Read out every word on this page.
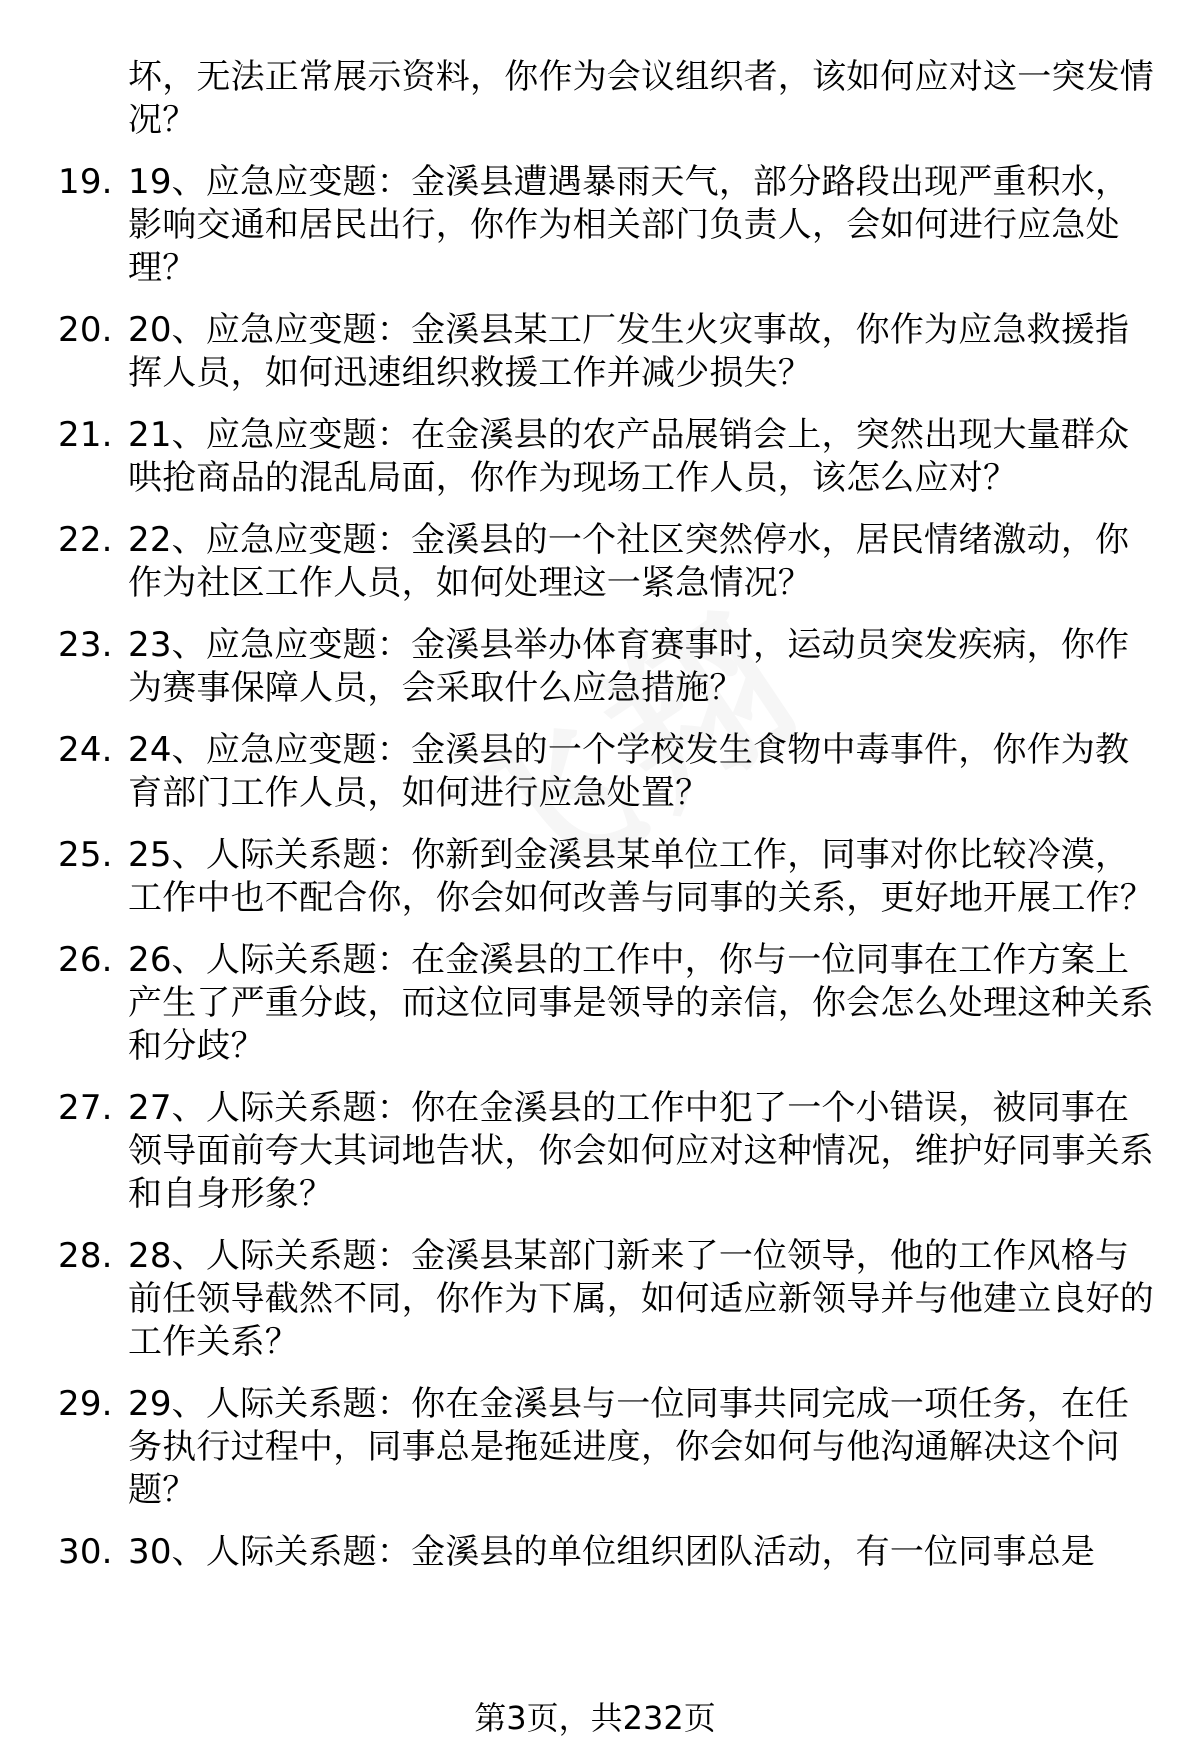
坏，无法正常展示资料，你作为会议组织者，该如何应对这一突发情况？
19. 19、应急应变题：金溪县遭遇暴雨天气，部分路段出现严重积水，影响交通和居民出行，你作为相关部门负责人，会如何进行应急处理？
20. 20、应急应变题：金溪县某工厂发生火灾事故，你作为应急救援指挥人员，如何迅速组织救援工作并减少损失？
21. 21、应急应变题：在金溪县的农产品展销会上，突然出现大量群众哄抢商品的混乱局面，你作为现场工作人员，该怎么应对？
22. 22、应急应变题：金溪县的一个社区突然停水，居民情绪激动，你作为社区工作人员，如何处理这一紧急情况？
23. 23、应急应变题：金溪县举办体育赛事时，运动员突发疾病，你作为赛事保障人员，会采取什么应急措施？
24. 24、应急应变题：金溪县的一个学校发生食物中毒事件，你作为教育部门工作人员，如何进行应急处置？
25. 25、人际关系题：你新到金溪县某单位工作，同事对你比较冷漠，工作中也不配合你，你会如何改善与同事的关系，更好地开展工作？
26. 26、人际关系题：在金溪县的工作中，你与一位同事在工作方案上产生了严重分歧，而这位同事是领导的亲信，你会怎么处理这种关系和分歧？
27. 27、人际关系题：你在金溪县的工作中犯了一个小错误，被同事在领导面前夸大其词地告状，你会如何应对这种情况，维护好同事关系和自身形象？
28. 28、人际关系题：金溪县某部门新来了一位领导，他的工作风格与前任领导截然不同，你作为下属，如何适应新领导并与他建立良好的工作关系？
29. 29、人际关系题：你在金溪县与一位同事共同完成一项任务，在任务执行过程中，同事总是拖延进度，你会如何与他沟通解决这个问题？
30. 30、人际关系题：金溪县的单位组织团队活动，有一位同事总是
第3页，共232页
